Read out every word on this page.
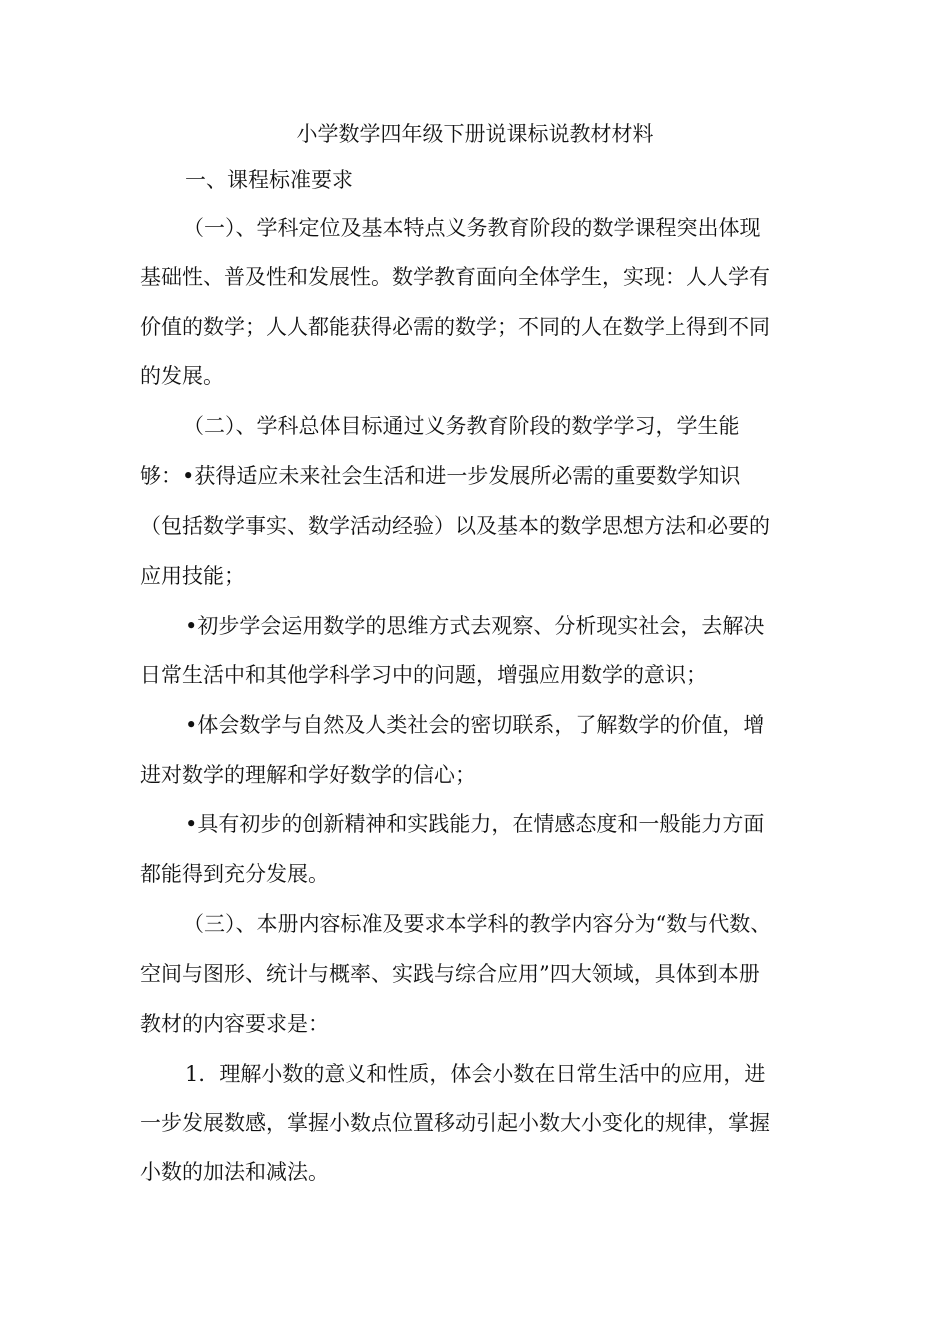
小学数学四年级下册说课标说教材材料
一、课程标准要求
（一）、学科定位及基本特点义务教育阶段的数学课程突出体现
基础性、普及性和发展性。数学教育面向全体学生，实现：人人学有
价值的数学；人人都能获得必需的数学；不同的人在数学上得到不同
的发展。
（二）、学科总体目标通过义务教育阶段的数学学习，学生能
够：•获得适应未来社会生活和进一步发展所必需的重要数学知识
（包括数学事实、数学活动经验）以及基本的数学思想方法和必要的
应用技能；
•初步学会运用数学的思维方式去观察、分析现实社会，去解决
日常生活中和其他学科学习中的问题，增强应用数学的意识；
•体会数学与自然及人类社会的密切联系，了解数学的价值，增
进对数学的理解和学好数学的信心；
•具有初步的创新精神和实践能力，在情感态度和一般能力方面
都能得到充分发展。
（三）、本册内容标准及要求本学科的教学内容分为“数与代数、
空间与图形、统计与概率、实践与综合应用”四大领域，具体到本册
教材的内容要求是：
1．理解小数的意义和性质，体会小数在日常生活中的应用，进
一步发展数感，掌握小数点位置移动引起小数大小变化的规律，掌握
小数的加法和减法。
